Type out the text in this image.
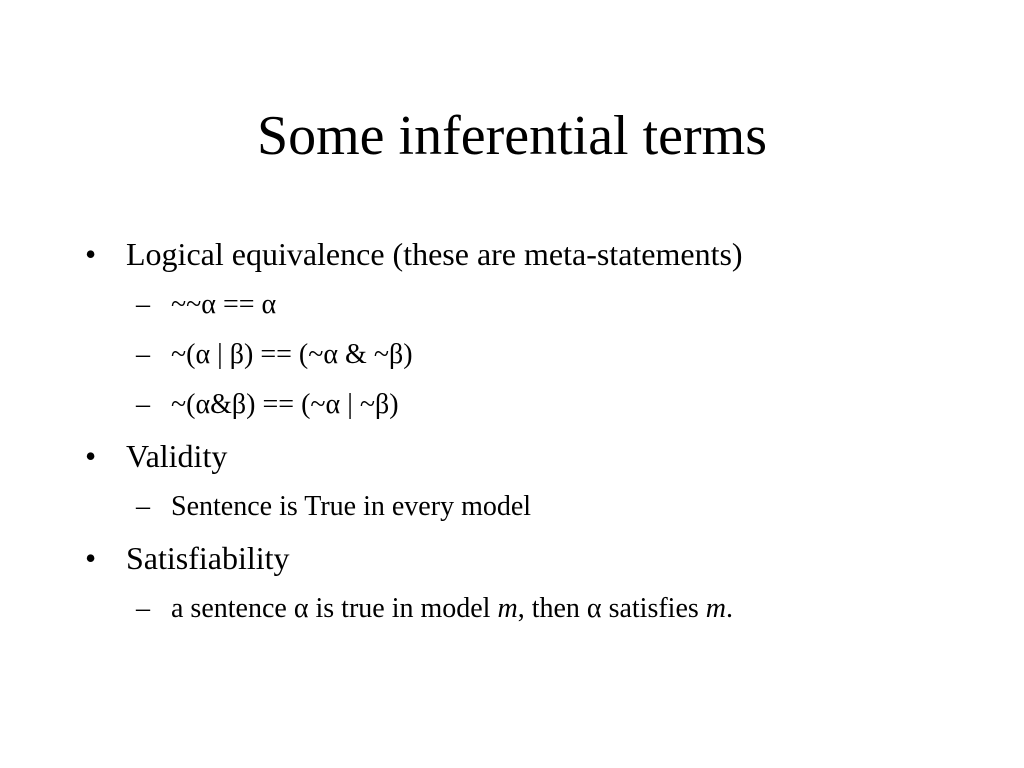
Some inferential terms
• Logical equivalence (these are meta-statements)
– ~~α == α
– ~(α | β) == (~α & ~β)
– ~(α&β) == (~α | ~β)
• Validity
– Sentence is True in every model
• Satisfiability
– a sentence α is true in model m, then α satisfies m.
